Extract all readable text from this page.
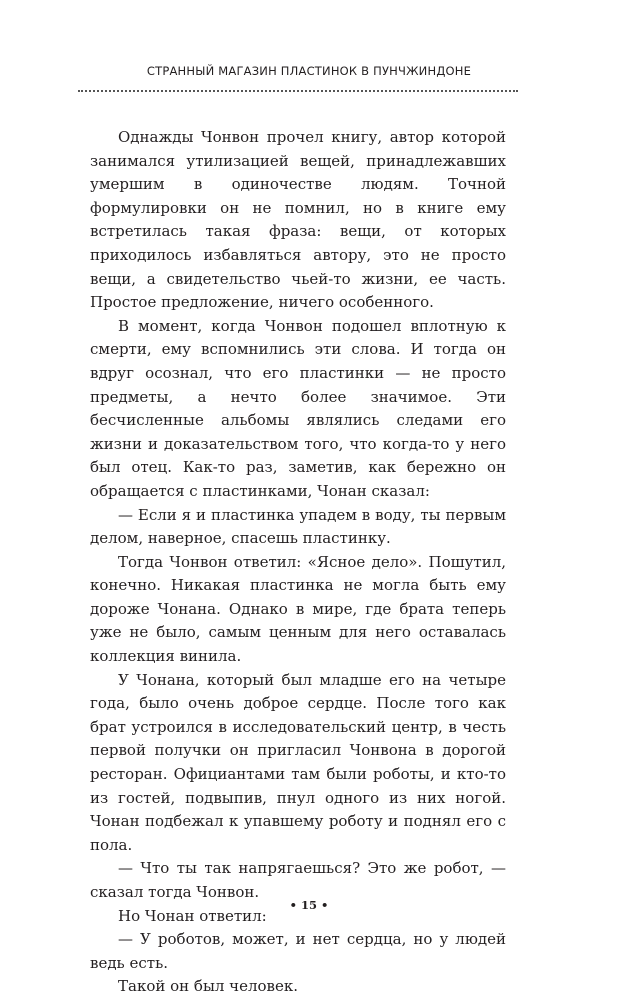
СТРАННЫЙ МАГАЗИН ПЛАСТИНОК В ПУНЧЖИНДОНЕ

Однажды Чонвон прочел книгу, автор которой занимался утилизацией вещей, принадлежавших умершим в одиночестве людям. Точной формулировки он не помнил, но в книге ему встретилась такая фраза: вещи, от которых приходилось избавляться автору, это не просто вещи, а свидетельство чьей-то жизни, ее часть. Простое предложение, ничего особенного.

В момент, когда Чонвон подошел вплотную к смерти, ему вспомнились эти слова. И тогда он вдруг осознал, что его пластинки — не просто предметы, а нечто более значимое. Эти бесчисленные альбомы являлись следами его жизни и доказательством того, что когда-то у него был отец. Как-то раз, заметив, как бережно он обращается с пластинками, Чонан сказал:

— Если я и пластинка упадем в воду, ты первым делом, наверное, спасешь пластинку.

Тогда Чонвон ответил: «Ясное дело». Пошутил, конечно. Никакая пластинка не могла быть ему дороже Чонана. Однако в мире, где брата теперь уже не было, самым ценным для него оставалась коллекция винила.

У Чонана, который был младше его на четыре года, было очень доброе сердце. После того как брат устроился в исследовательский центр, в честь первой получки он пригласил Чонвона в дорогой ресторан. Официантами там были роботы, и кто-то из гостей, подвыпив, пнул одного из них ногой. Чонан подбежал к упавшему роботу и поднял его с пола.

— Что ты так напрягаешься? Это же робот, — сказал тогда Чонвон.

Но Чонан ответил:

— У роботов, может, и нет сердца, но у людей ведь есть.

Такой он был человек.

• 15 •
